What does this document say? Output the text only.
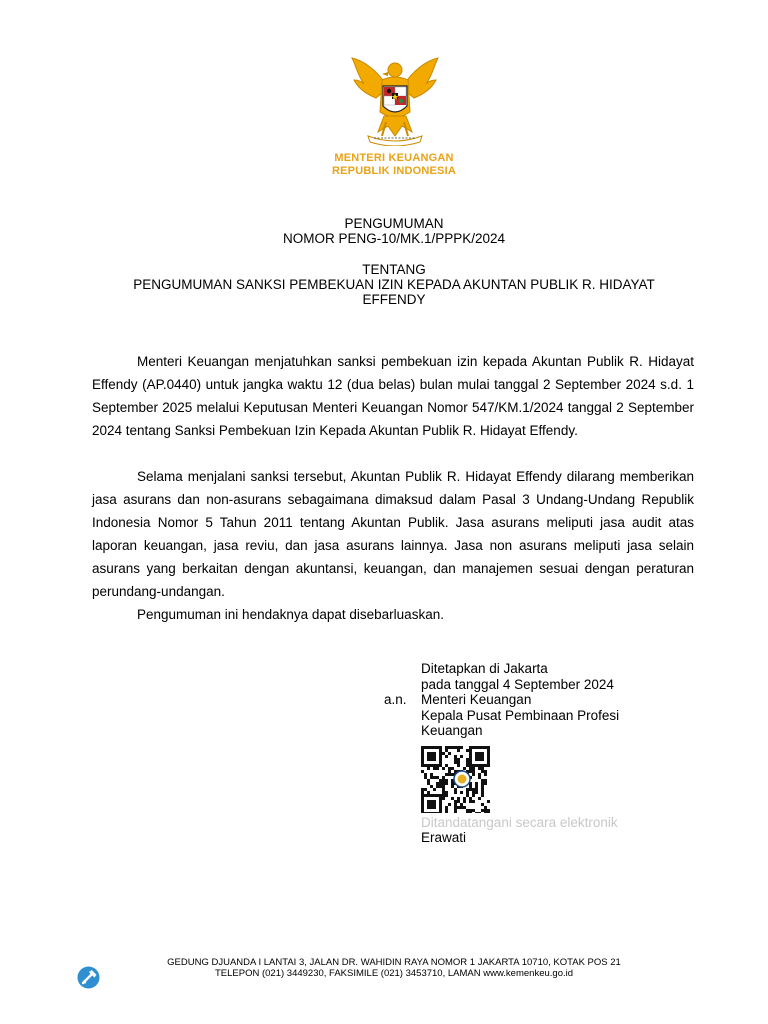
MENTERI KEUANGAN
REPUBLIK INDONESIA
PENGUMUMAN
NOMOR PENG-10/MK.1/PPPK/2024
TENTANG
PENGUMUMAN SANKSI PEMBEKUAN IZIN KEPADA AKUNTAN PUBLIK R. HIDAYAT
EFFENDY

Menteri Keuangan menjatuhkan sanksi pembekuan izin kepada Akuntan Publik R. Hidayat Effendy (AP.0440) untuk jangka waktu 12 (dua belas) bulan mulai tanggal 2 September 2024 s.d. 1 September 2025 melalui Keputusan Menteri Keuangan Nomor 547/KM.1/2024 tanggal 2 September 2024 tentang Sanksi Pembekuan Izin Kepada Akuntan Publik R. Hidayat Effendy.

Selama menjalani sanksi tersebut, Akuntan Publik R. Hidayat Effendy dilarang memberikan jasa asurans dan non-asurans sebagaimana dimaksud dalam Pasal 3 Undang-Undang Republik Indonesia Nomor 5 Tahun 2011 tentang Akuntan Publik. Jasa asurans meliputi jasa audit atas laporan keuangan, jasa reviu, dan jasa asurans lainnya. Jasa non asurans meliputi jasa selain asurans yang berkaitan dengan akuntansi, keuangan, dan manajemen sesuai dengan peraturan perundang-undangan.

Pengumuman ini hendaknya dapat disebarluaskan.

Ditetapkan di Jakarta
pada tanggal 4 September 2024
a.n. Menteri Keuangan
Kepala Pusat Pembinaan Profesi
Keuangan
Ditandatangani secara elektronik
Erawati
GEDUNG DJUANDA I LANTAI 3, JALAN DR. WAHIDIN RAYA NOMOR 1 JAKARTA 10710, KOTAK POS 21
TELEPON (021) 3449230, FAKSIMILE (021) 3453710, LAMAN www.kemenkeu.go.id
